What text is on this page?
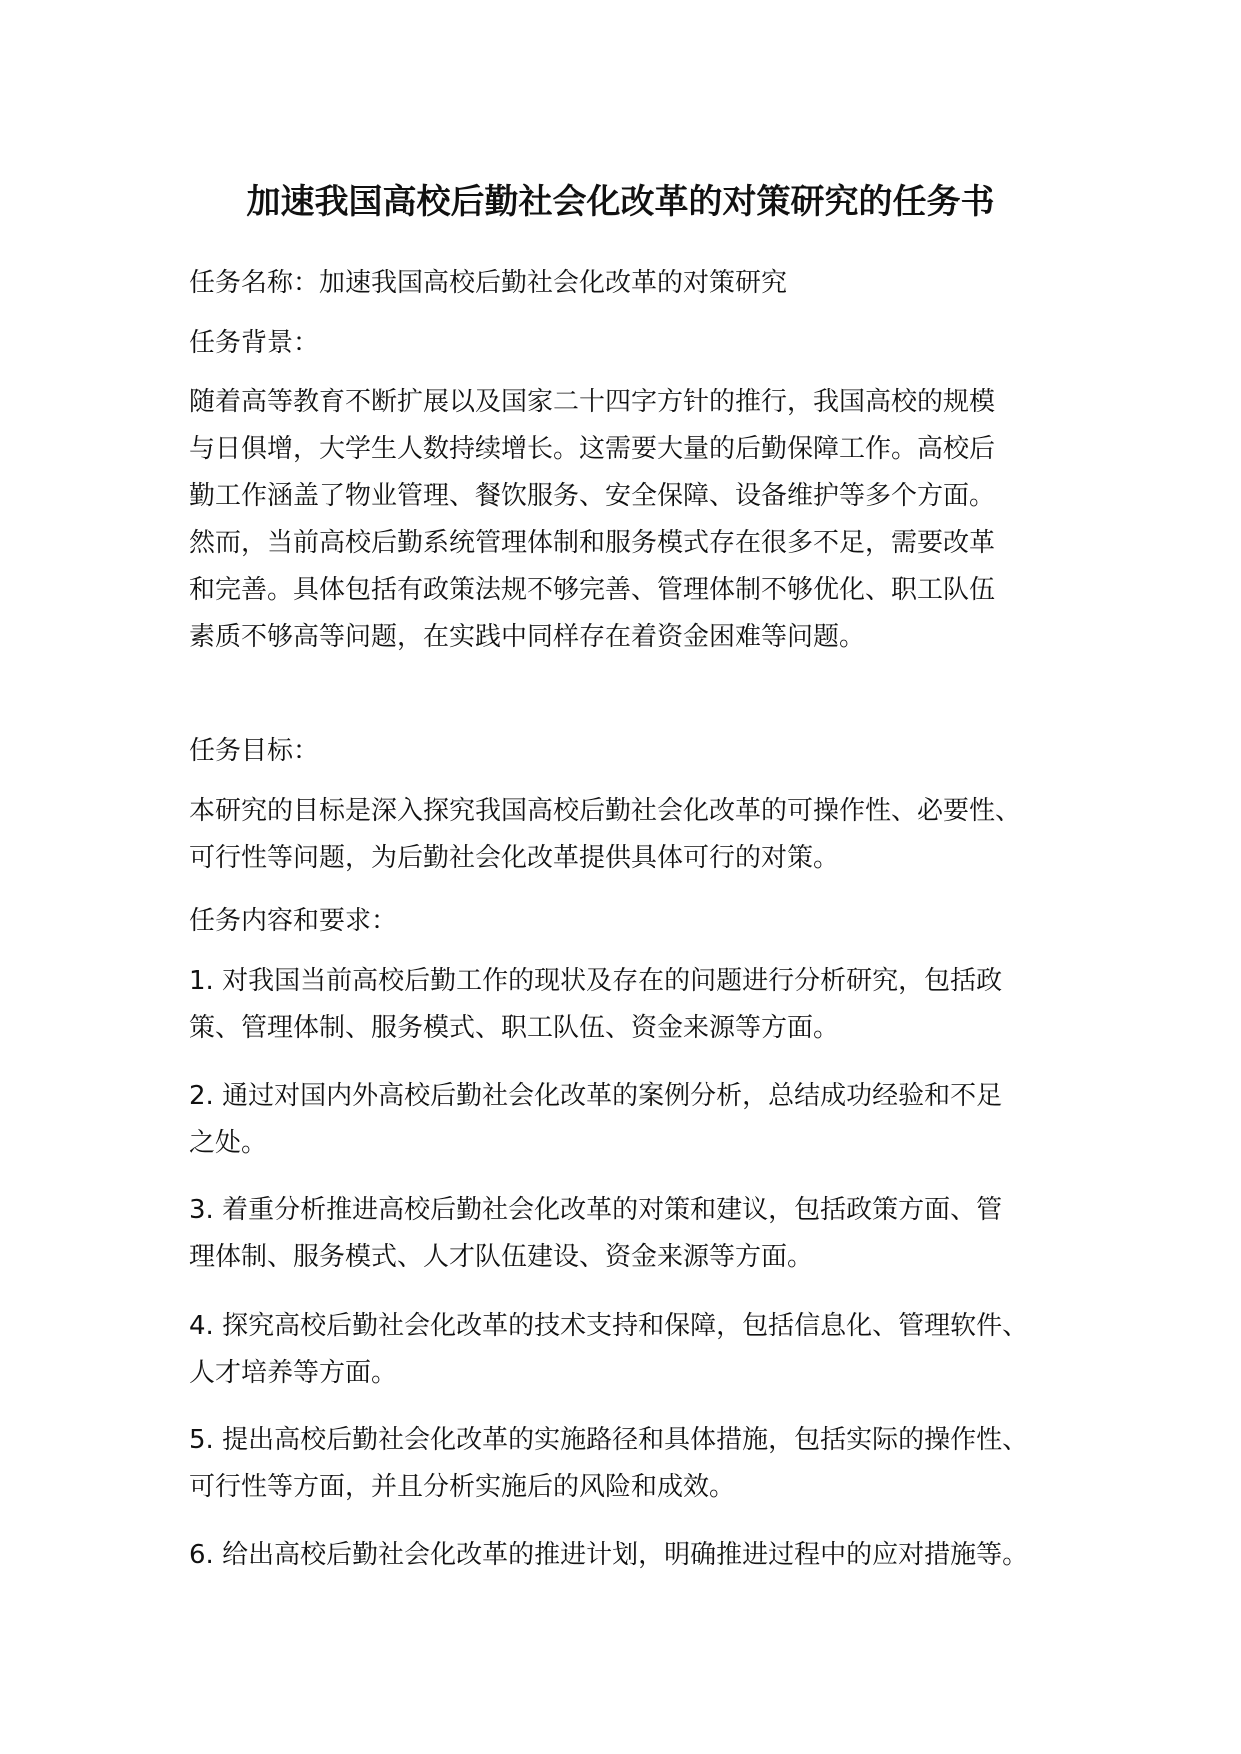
加速我国高校后勤社会化改革的对策研究的任务书

任务名称：加速我国高校后勤社会化改革的对策研究

任务背景：

随着高等教育不断扩展以及国家二十四字方针的推行，我国高校的规模
与日俱增，大学生人数持续增长。这需要大量的后勤保障工作。高校后
勤工作涵盖了物业管理、餐饮服务、安全保障、设备维护等多个方面。
然而，当前高校后勤系统管理体制和服务模式存在很多不足，需要改革
和完善。具体包括有政策法规不够完善、管理体制不够优化、职工队伍
素质不够高等问题，在实践中同样存在着资金困难等问题。

任务目标：

本研究的目标是深入探究我国高校后勤社会化改革的可操作性、必要性、
可行性等问题，为后勤社会化改革提供具体可行的对策。

任务内容和要求：

1. 对我国当前高校后勤工作的现状及存在的问题进行分析研究，包括政
策、管理体制、服务模式、职工队伍、资金来源等方面。

2. 通过对国内外高校后勤社会化改革的案例分析，总结成功经验和不足
之处。

3. 着重分析推进高校后勤社会化改革的对策和建议，包括政策方面、管
理体制、服务模式、人才队伍建设、资金来源等方面。

4. 探究高校后勤社会化改革的技术支持和保障，包括信息化、管理软件、
人才培养等方面。

5. 提出高校后勤社会化改革的实施路径和具体措施，包括实际的操作性、
可行性等方面，并且分析实施后的风险和成效。

6. 给出高校后勤社会化改革的推进计划，明确推进过程中的应对措施等。
